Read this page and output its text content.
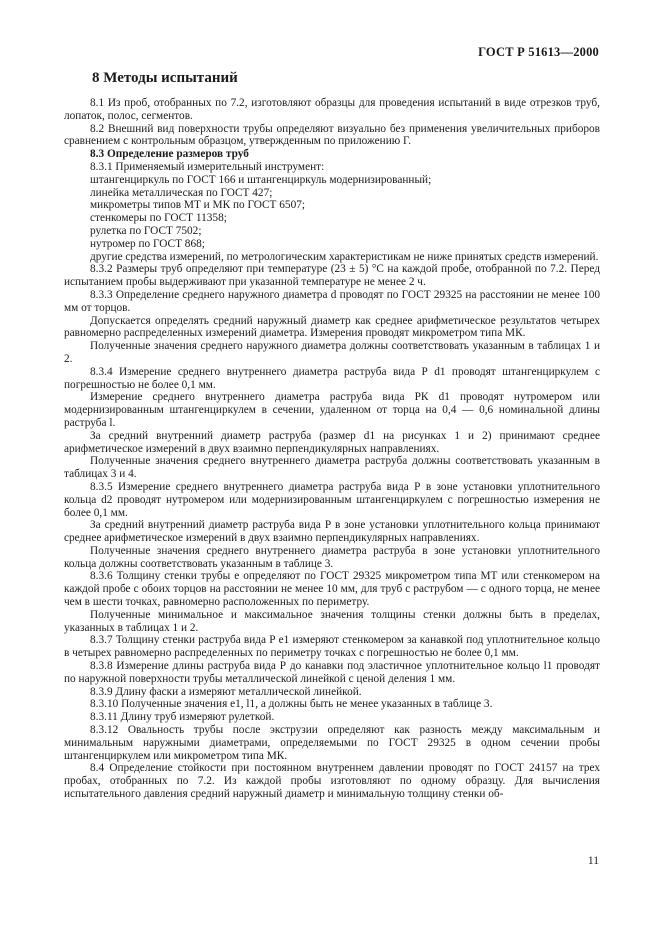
ГОСТ Р 51613—2000
8 Методы испытаний

8.1 Из проб, отобранных по 7.2, изготовляют образцы для проведения испытаний в виде отрезков труб, лопаток, полос, сегментов.

8.2 Внешний вид поверхности трубы определяют визуально без применения увеличительных приборов сравнением с контрольным образцом, утвержденным по приложению Г.

8.3 Определение размеров труб

8.3.1 Применяемый измерительный инструмент:

штангенциркуль по ГОСТ 166 и штангенциркуль модернизированный;

линейка металлическая по ГОСТ 427;

микрометры типов МТ и МК по ГОСТ 6507;

стенкомеры по ГОСТ 11358;

рулетка по ГОСТ 7502;

нутромер по ГОСТ 868;

другие средства измерений, по метрологическим характеристикам не ниже принятых средств измерений.

8.3.2 Размеры труб определяют при температуре (23 ± 5) °С на каждой пробе, отобранной по 7.2. Перед испытанием пробы выдерживают при указанной температуре не менее 2 ч.

8.3.3 Определение среднего наружного диаметра d проводят по ГОСТ 29325 на расстоянии не менее 100 мм от торцов.

Допускается определять средний наружный диаметр как среднее арифметическое результатов четырех равномерно распределенных измерений диаметра. Измерения проводят микрометром типа МК.

Полученные значения среднего наружного диаметра должны соответствовать указанным в таблицах 1 и 2.

8.3.4 Измерение среднего внутреннего диаметра раструба вида Р d1 проводят штангенциркулем с погрешностью не более 0,1 мм.

Измерение среднего внутреннего диаметра раструба вида РК d1 проводят нутромером или модернизированным штангенциркулем в сечении, удаленном от торца на 0,4 — 0,6 номинальной длины раструба l.

За средний внутренний диаметр раструба (размер d1 на рисунках 1 и 2) принимают среднее арифметическое измерений в двух взаимно перпендикулярных направлениях.

Полученные значения среднего внутреннего диаметра раструба должны соответствовать указанным в таблицах 3 и 4.

8.3.5 Измерение среднего внутреннего диаметра раструба вида Р в зоне установки уплотнительного кольца d2 проводят нутромером или модернизированным штангенциркулем с погрешностью измерения не более 0,1 мм.

За средний внутренний диаметр раструба вида Р в зоне установки уплотнительного кольца принимают среднее арифметическое измерений в двух взаимно перпендикулярных направлениях.

Полученные значения среднего внутреннего диаметра раструба в зоне установки уплотнительного кольца должны соответствовать указанным в таблице 3.

8.3.6 Толщину стенки трубы e определяют по ГОСТ 29325 микрометром типа МТ или стенкомером на каждой пробе с обоих торцов на расстоянии не менее 10 мм, для труб с раструбом — с одного торца, не менее чем в шести точках, равномерно расположенных по периметру.

Полученные минимальное и максимальное значения толщины стенки должны быть в пределах, указанных в таблицах 1 и 2.

8.3.7 Толщину стенки раструба вида Р e1 измеряют стенкомером за канавкой под уплотнительное кольцо в четырех равномерно распределенных по периметру точках с погрешностью не более 0,1 мм.

8.3.8 Измерение длины раструба вида Р до канавки под эластичное уплотнительное кольцо l1 проводят по наружной поверхности трубы металлической линейкой с ценой деления 1 мм.

8.3.9 Длину фаски a измеряют металлической линейкой.

8.3.10 Полученные значения e1, l1, a должны быть не менее указанных в таблице 3.

8.3.11 Длину труб измеряют рулеткой.

8.3.12 Овальность трубы после экструзии определяют как разность между максимальным и минимальным наружными диаметрами, определяемыми по ГОСТ 29325 в одном сечении пробы штангенциркулем или микрометром типа МК.

8.4 Определение стойкости при постоянном внутреннем давлении проводят по ГОСТ 24157 на трех пробах, отобранных по 7.2. Из каждой пробы изготовляют по одному образцу. Для вычисления испытательного давления средний наружный диаметр и минимальную толщину стенки об-

11
